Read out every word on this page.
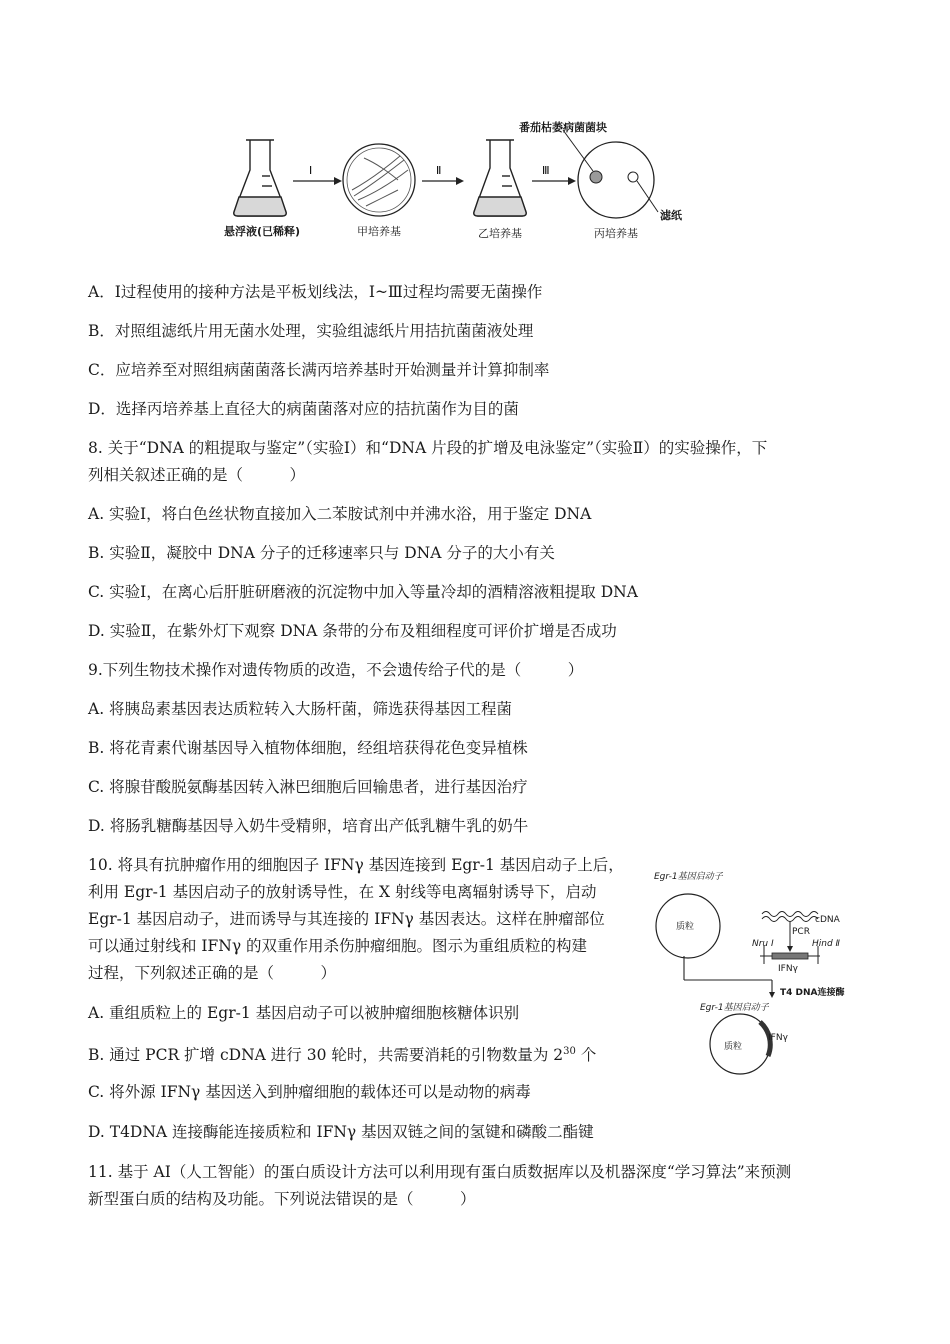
Ⅰ	Ⅱ	Ⅲ
番茄枯萎病菌菌块
滤纸
悬浮液(已稀释)	甲培养基	乙培养基	丙培养基
A．Ⅰ过程使用的接种方法是平板划线法，Ⅰ~Ⅲ过程均需要无菌操作
B．对照组滤纸片用无菌水处理，实验组滤纸片用拮抗菌菌液处理
C．应培养至对照组病菌菌落长满丙培养基时开始测量并计算抑制率
D．选择丙培养基上直径大的病菌菌落对应的拮抗菌作为目的菌
8. 关于“DNA 的粗提取与鉴定”（实验Ⅰ）和“DNA 片段的扩增及电泳鉴定”（实验Ⅱ）的实验操作，下
列相关叙述正确的是（　　　）
A. 实验Ⅰ，将白色丝状物直接加入二苯胺试剂中并沸水浴，用于鉴定 DNA
B. 实验Ⅱ，凝胶中 DNA 分子的迁移速率只与 DNA 分子的大小有关
C. 实验Ⅰ，在离心后肝脏研磨液的沉淀物中加入等量冷却的酒精溶液粗提取 DNA
D. 实验Ⅱ，在紫外灯下观察 DNA 条带的分布及粗细程度可评价扩增是否成功
9.下列生物技术操作对遗传物质的改造，不会遗传给子代的是（　　　）
A. 将胰岛素基因表达质粒转入大肠杆菌，筛选获得基因工程菌
B. 将花青素代谢基因导入植物体细胞，经组培获得花色变异植株
C. 将腺苷酸脱氨酶基因转入淋巴细胞后回输患者，进行基因治疗
D. 将肠乳糖酶基因导入奶牛受精卵，培育出产低乳糖牛乳的奶牛
10. 将具有抗肿瘤作用的细胞因子 IFNγ 基因连接到 Egr-1 基因启动子上后，
利用 Egr-1 基因启动子的放射诱导性，在 X 射线等电离辐射诱导下，启动
Egr-1 基因启动子，进而诱导与其连接的 IFNγ 基因表达。这样在肿瘤部位
可以通过射线和 IFNγ 的双重作用杀伤肿瘤细胞。图示为重组质粒的构建
过程，下列叙述正确的是（　　　）
A. 重组质粒上的 Egr-1 基因启动子可以被肿瘤细胞核糖体识别
B. 通过 PCR 扩增 cDNA 进行 30 轮时，共需要消耗的引物数量为 $2^{30}$ 个
C. 将外源 IFNγ 基因送入到肿瘤细胞的载体还可以是动物的病毒
D. T4DNA 连接酶能连接质粒和 IFNγ 基因双链之间的氢键和磷酸二酯键
Egr-1基因启动子
质粒
cDNA
PCR
Nru Ⅰ	Hind Ⅱ
IFNγ
T4 DNA连接酶
Egr-1基因启动子
质粒
IFNγ
11. 基于 AI（人工智能）的蛋白质设计方法可以利用现有蛋白质数据库以及机器深度“学习算法”来预测
新型蛋白质的结构及功能。下列说法错误的是（　　　）
